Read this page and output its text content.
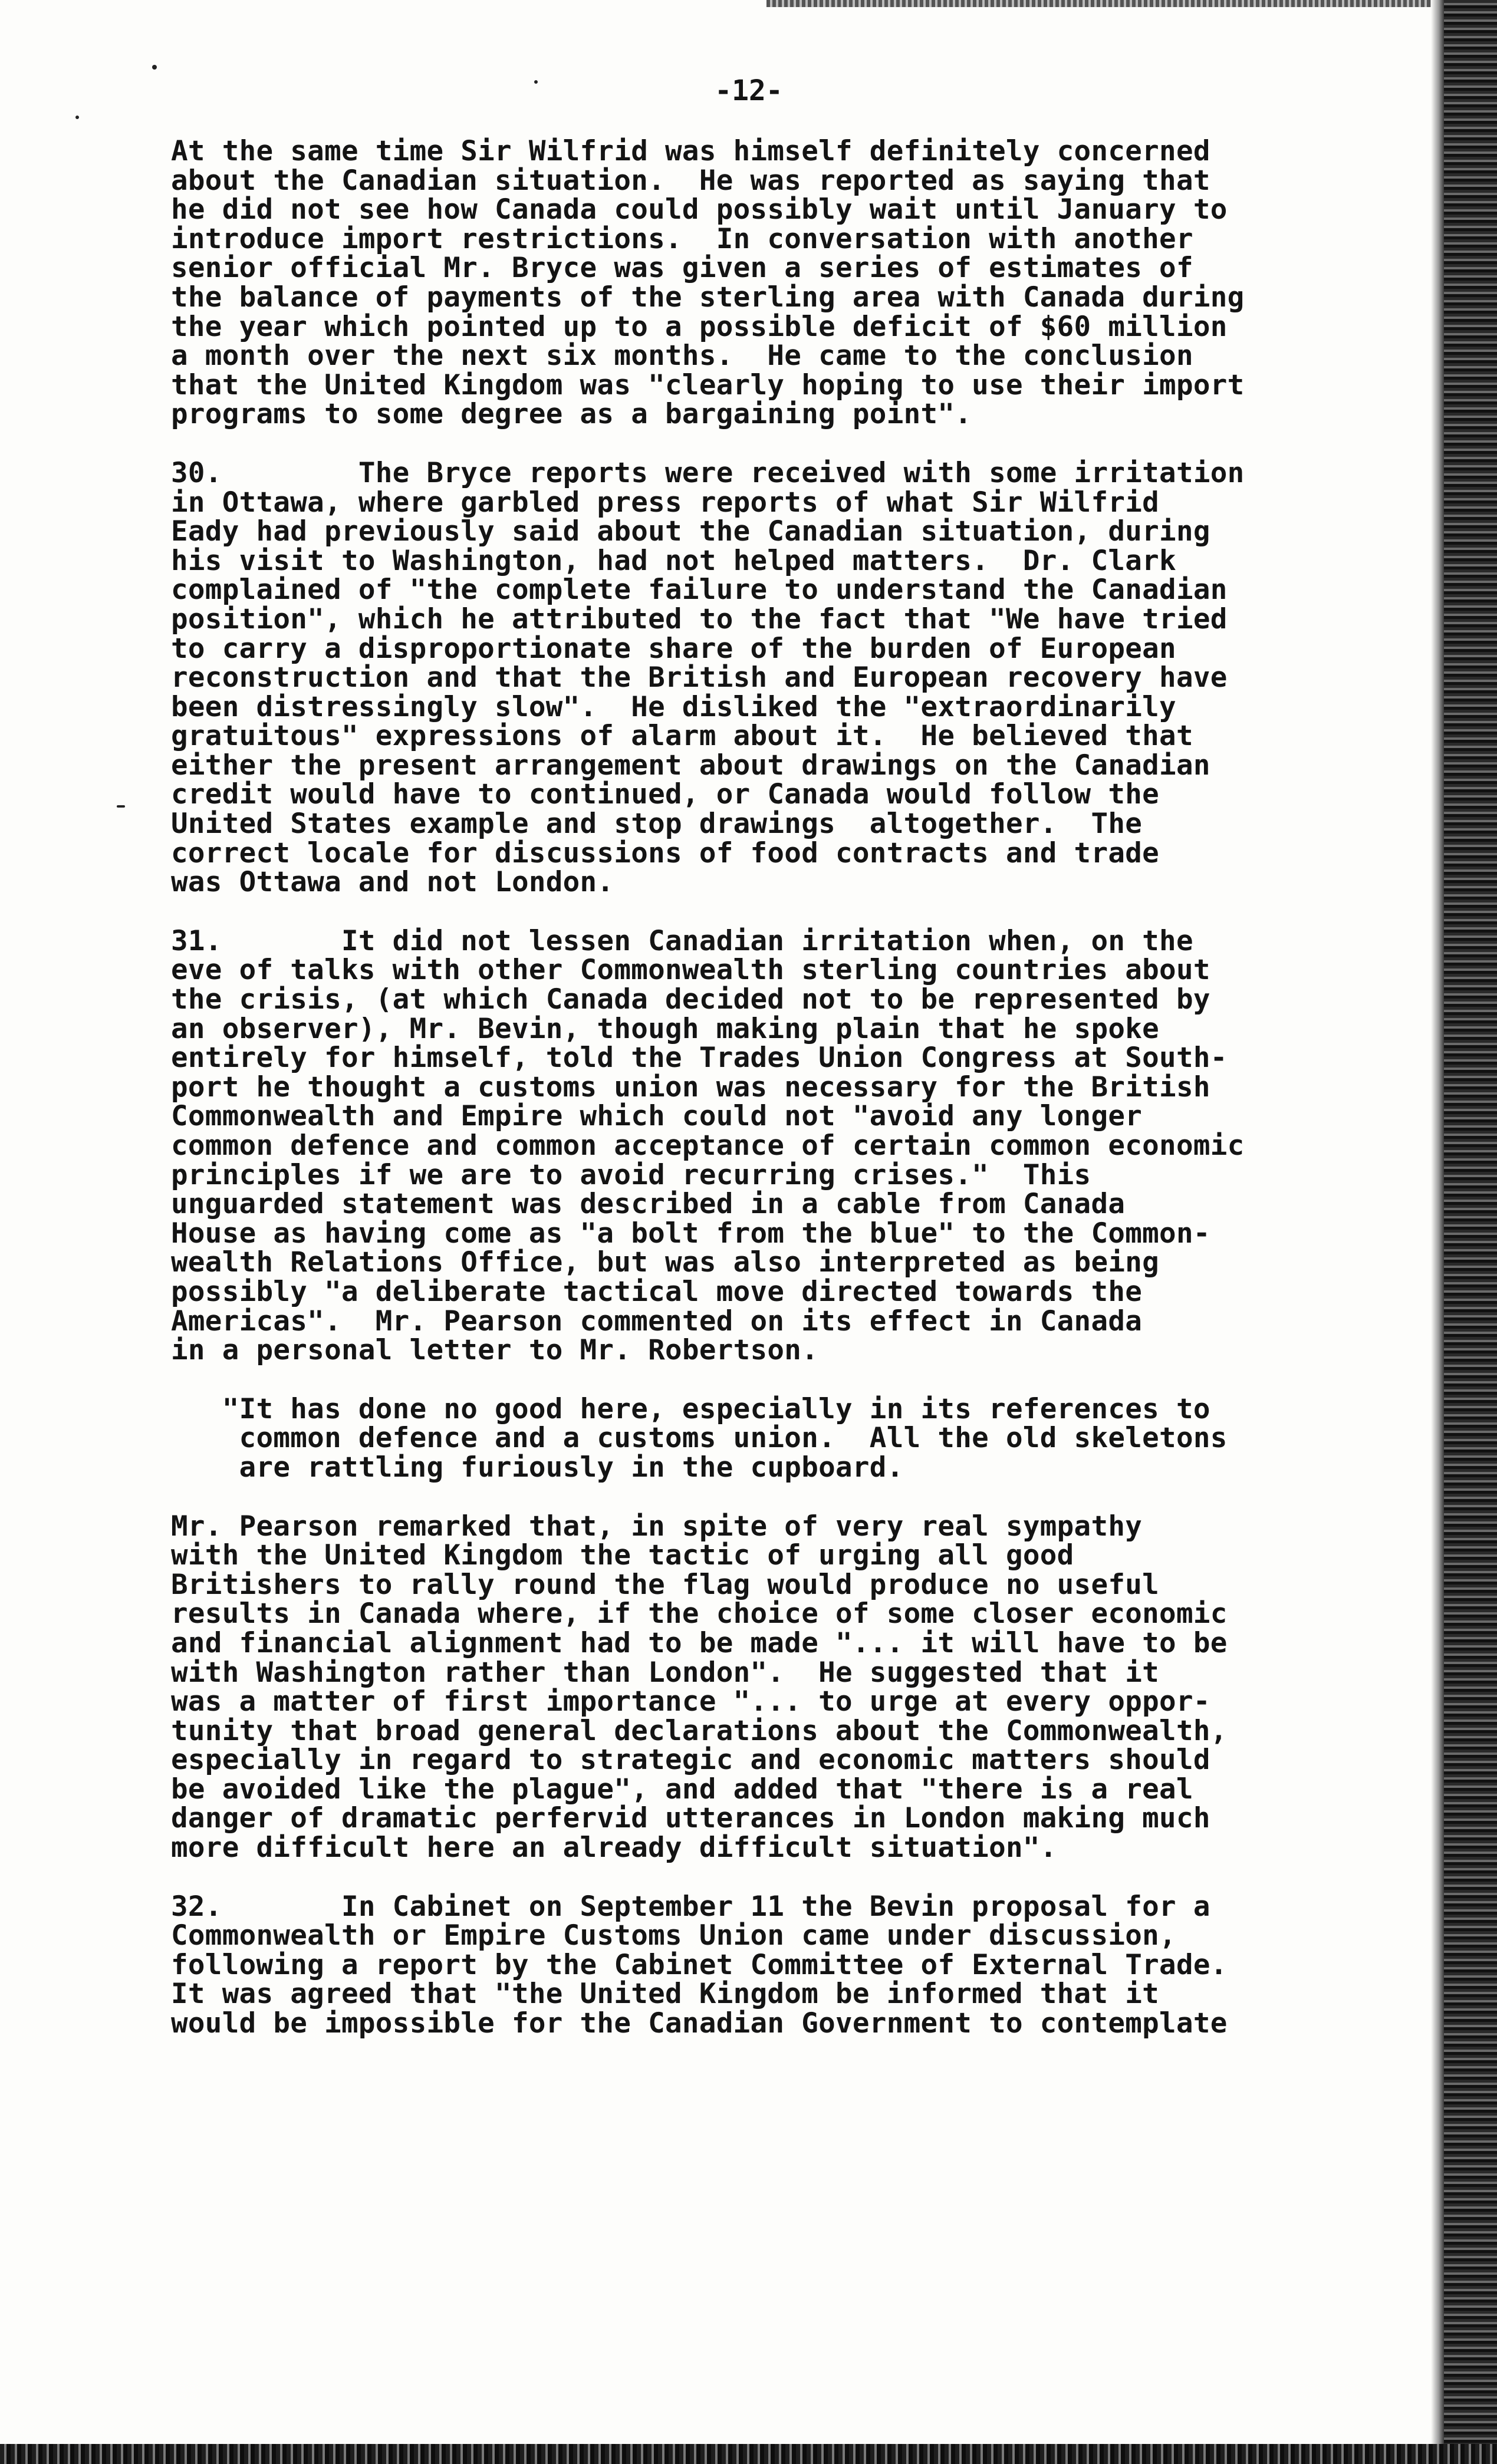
-12-

At the same time Sir Wilfrid was himself definitely concerned
about the Canadian situation.  He was reported as saying that
he did not see how Canada could possibly wait until January to
introduce import restrictions.  In conversation with another
senior official Mr. Bryce was given a series of estimates of
the balance of payments of the sterling area with Canada during
the year which pointed up to a possible deficit of $60 million
a month over the next six months.  He came to the conclusion
that the United Kingdom was "clearly hoping to use their import
programs to some degree as a bargaining point".

30.        The Bryce reports were received with some irritation
in Ottawa, where garbled press reports of what Sir Wilfrid
Eady had previously said about the Canadian situation, during
his visit to Washington, had not helped matters.  Dr. Clark
complained of "the complete failure to understand the Canadian
position", which he attributed to the fact that "We have tried
to carry a disproportionate share of the burden of European
reconstruction and that the British and European recovery have
been distressingly slow".  He disliked the "extraordinarily
gratuitous" expressions of alarm about it.  He believed that
either the present arrangement about drawings on the Canadian
credit would have to continued, or Canada would follow the
United States example and stop drawings  altogether.  The
correct locale for discussions of food contracts and trade
was Ottawa and not London.

31.       It did not lessen Canadian irritation when, on the
eve of talks with other Commonwealth sterling countries about
the crisis, (at which Canada decided not to be represented by
an observer), Mr. Bevin, though making plain that he spoke
entirely for himself, told the Trades Union Congress at South-
port he thought a customs union was necessary for the British
Commonwealth and Empire which could not "avoid any longer
common defence and common acceptance of certain common economic
principles if we are to avoid recurring crises."  This
unguarded statement was described in a cable from Canada
House as having come as "a bolt from the blue" to the Common-
wealth Relations Office, but was also interpreted as being
possibly "a deliberate tactical move directed towards the
Americas".  Mr. Pearson commented on its effect in Canada
in a personal letter to Mr. Robertson.

"It has done no good here, especially in its references to
common defence and a customs union.  All the old skeletons
are rattling furiously in the cupboard.

Mr. Pearson remarked that, in spite of very real sympathy
with the United Kingdom the tactic of urging all good
Britishers to rally round the flag would produce no useful
results in Canada where, if the choice of some closer economic
and financial alignment had to be made "... it will have to be
with Washington rather than London".  He suggested that it
was a matter of first importance "... to urge at every oppor-
tunity that broad general declarations about the Commonwealth,
especially in regard to strategic and economic matters should
be avoided like the plague", and added that "there is a real
danger of dramatic perfervid utterances in London making much
more difficult here an already difficult situation".

32.       In Cabinet on September 11 the Bevin proposal for a
Commonwealth or Empire Customs Union came under discussion,
following a report by the Cabinet Committee of External Trade.
It was agreed that "the United Kingdom be informed that it
would be impossible for the Canadian Government to contemplate
